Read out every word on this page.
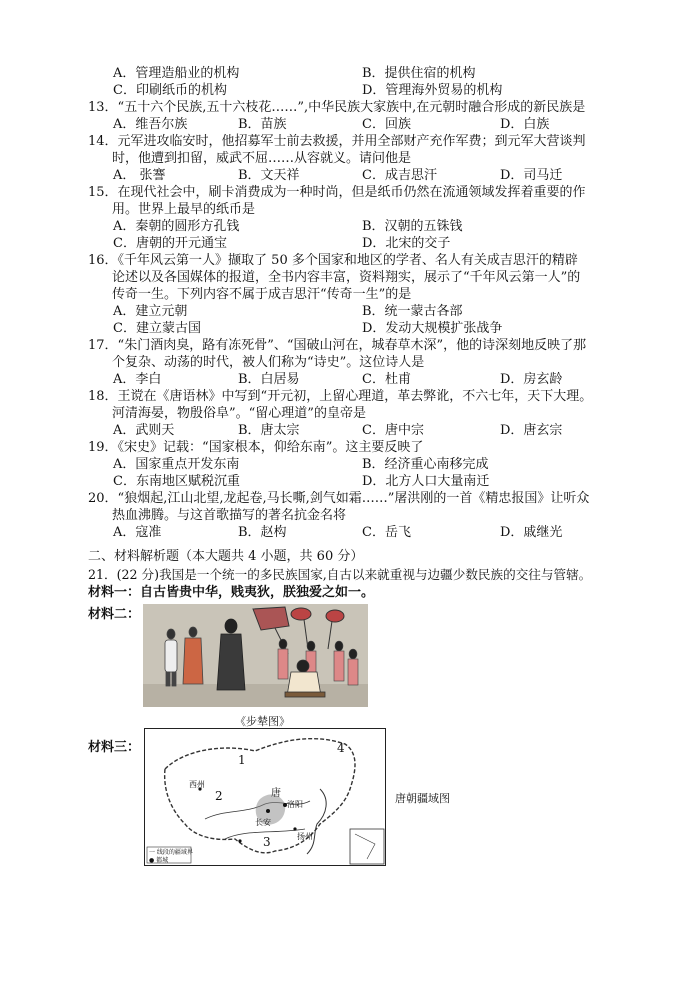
A．管理造船业的机构	B．提供住宿的机构
C．印刷纸币的机构	D．管理海外贸易的机构
13．“五十六个民族,五十六枝花……”,中华民族大家族中,在元朝时融合形成的新民族是
A．维吾尔族	B．苗族	C．回族	D．白族
14．元军进攻临安时，他招募军士前去救援，并用全部财产充作军费；到元军大营谈判
时，他遭到扣留，威武不屈……从容就义。请问他是
A． 张謇	B．文天祥	C．成吉思汗	D．司马迁
15．在现代社会中，刷卡消费成为一种时尚，但是纸币仍然在流通领域发挥着重要的作
用。世界上最早的纸币是
A．秦朝的圆形方孔钱	B．汉朝的五铢钱
C．唐朝的开元通宝	D．北宋的交子
16．《千年风云第一人》撷取了 50 多个国家和地区的学者、名人有关成吉思汗的精辟
论述以及各国媒体的报道，全书内容丰富，资料翔实，展示了“千年风云第一人”的
传奇一生。下列内容不属于成吉思汗“传奇一生”的是
A．建立元朝	B．统一蒙古各部
C．建立蒙古国	D．发动大规模扩张战争
17．“朱门酒肉臭，路有冻死骨”、“国破山河在，城春草木深”，他的诗深刻地反映了那
个复杂、动荡的时代，被人们称为“诗史”。这位诗人是
A．李白	B．白居易	C．杜甫	D．房玄龄
18．王谠在《唐语林》中写到“开元初，上留心理道，革去弊讹，不六七年，天下大理。
河清海晏，物殷俗阜”。“留心理道”的皇帝是
A．武则天	B．唐太宗	C．唐中宗	D．唐玄宗
19．《宋史》记载：“国家根本，仰给东南”。这主要反映了
A．国家重点开发东南	B．经济重心南移完成
C．东南地区赋税沉重	D．北方人口大量南迁
20．“狼烟起,江山北望,龙起卷,马长嘶,剑气如霜……”屠洪刚的一首《精忠报国》让听众
热血沸腾。与这首歌描写的著名抗金名将
A．寇准	B．赵构	C．岳飞	D．戚继光
二、材料解析题（本大题共 4 小题，共 60 分）
21．(22 分)我国是一个统一的多民族国家,自古以来就重视与边疆少数民族的交往与管辖。
材料一：自古皆贵中华，贱夷狄，朕独爱之如一。
材料二：
《步辇图》
材料三：
1
2
3
4
唐
长安
洛阳
西州
扬州
一 线段的疆域界
● 都城
唐朝疆域图
